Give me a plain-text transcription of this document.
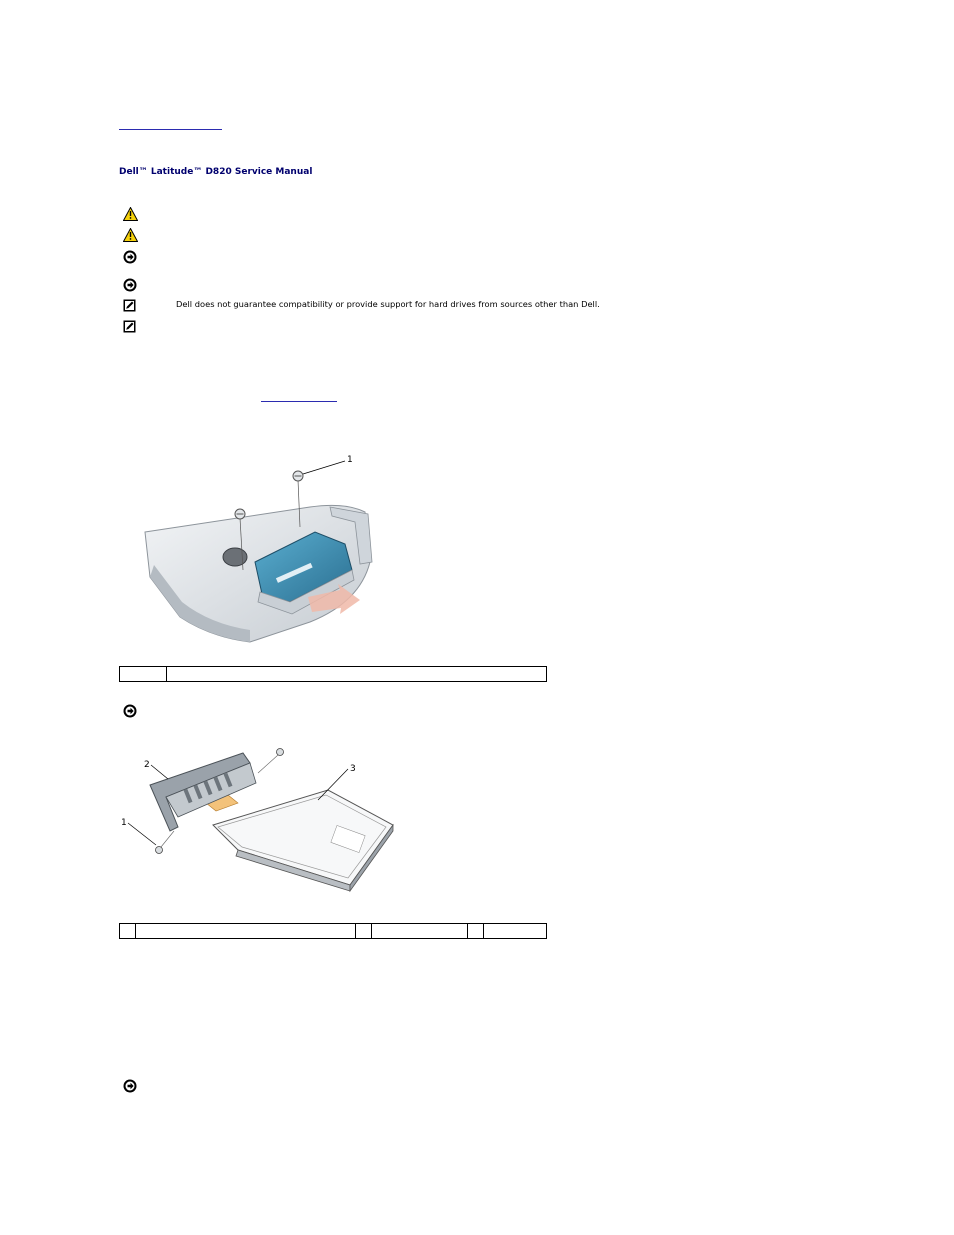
Dell™ Latitude™ D820 Service Manual
Dell does not guarantee compatibility or provide support for hard drives from sources other than Dell.
1

2
1
3
